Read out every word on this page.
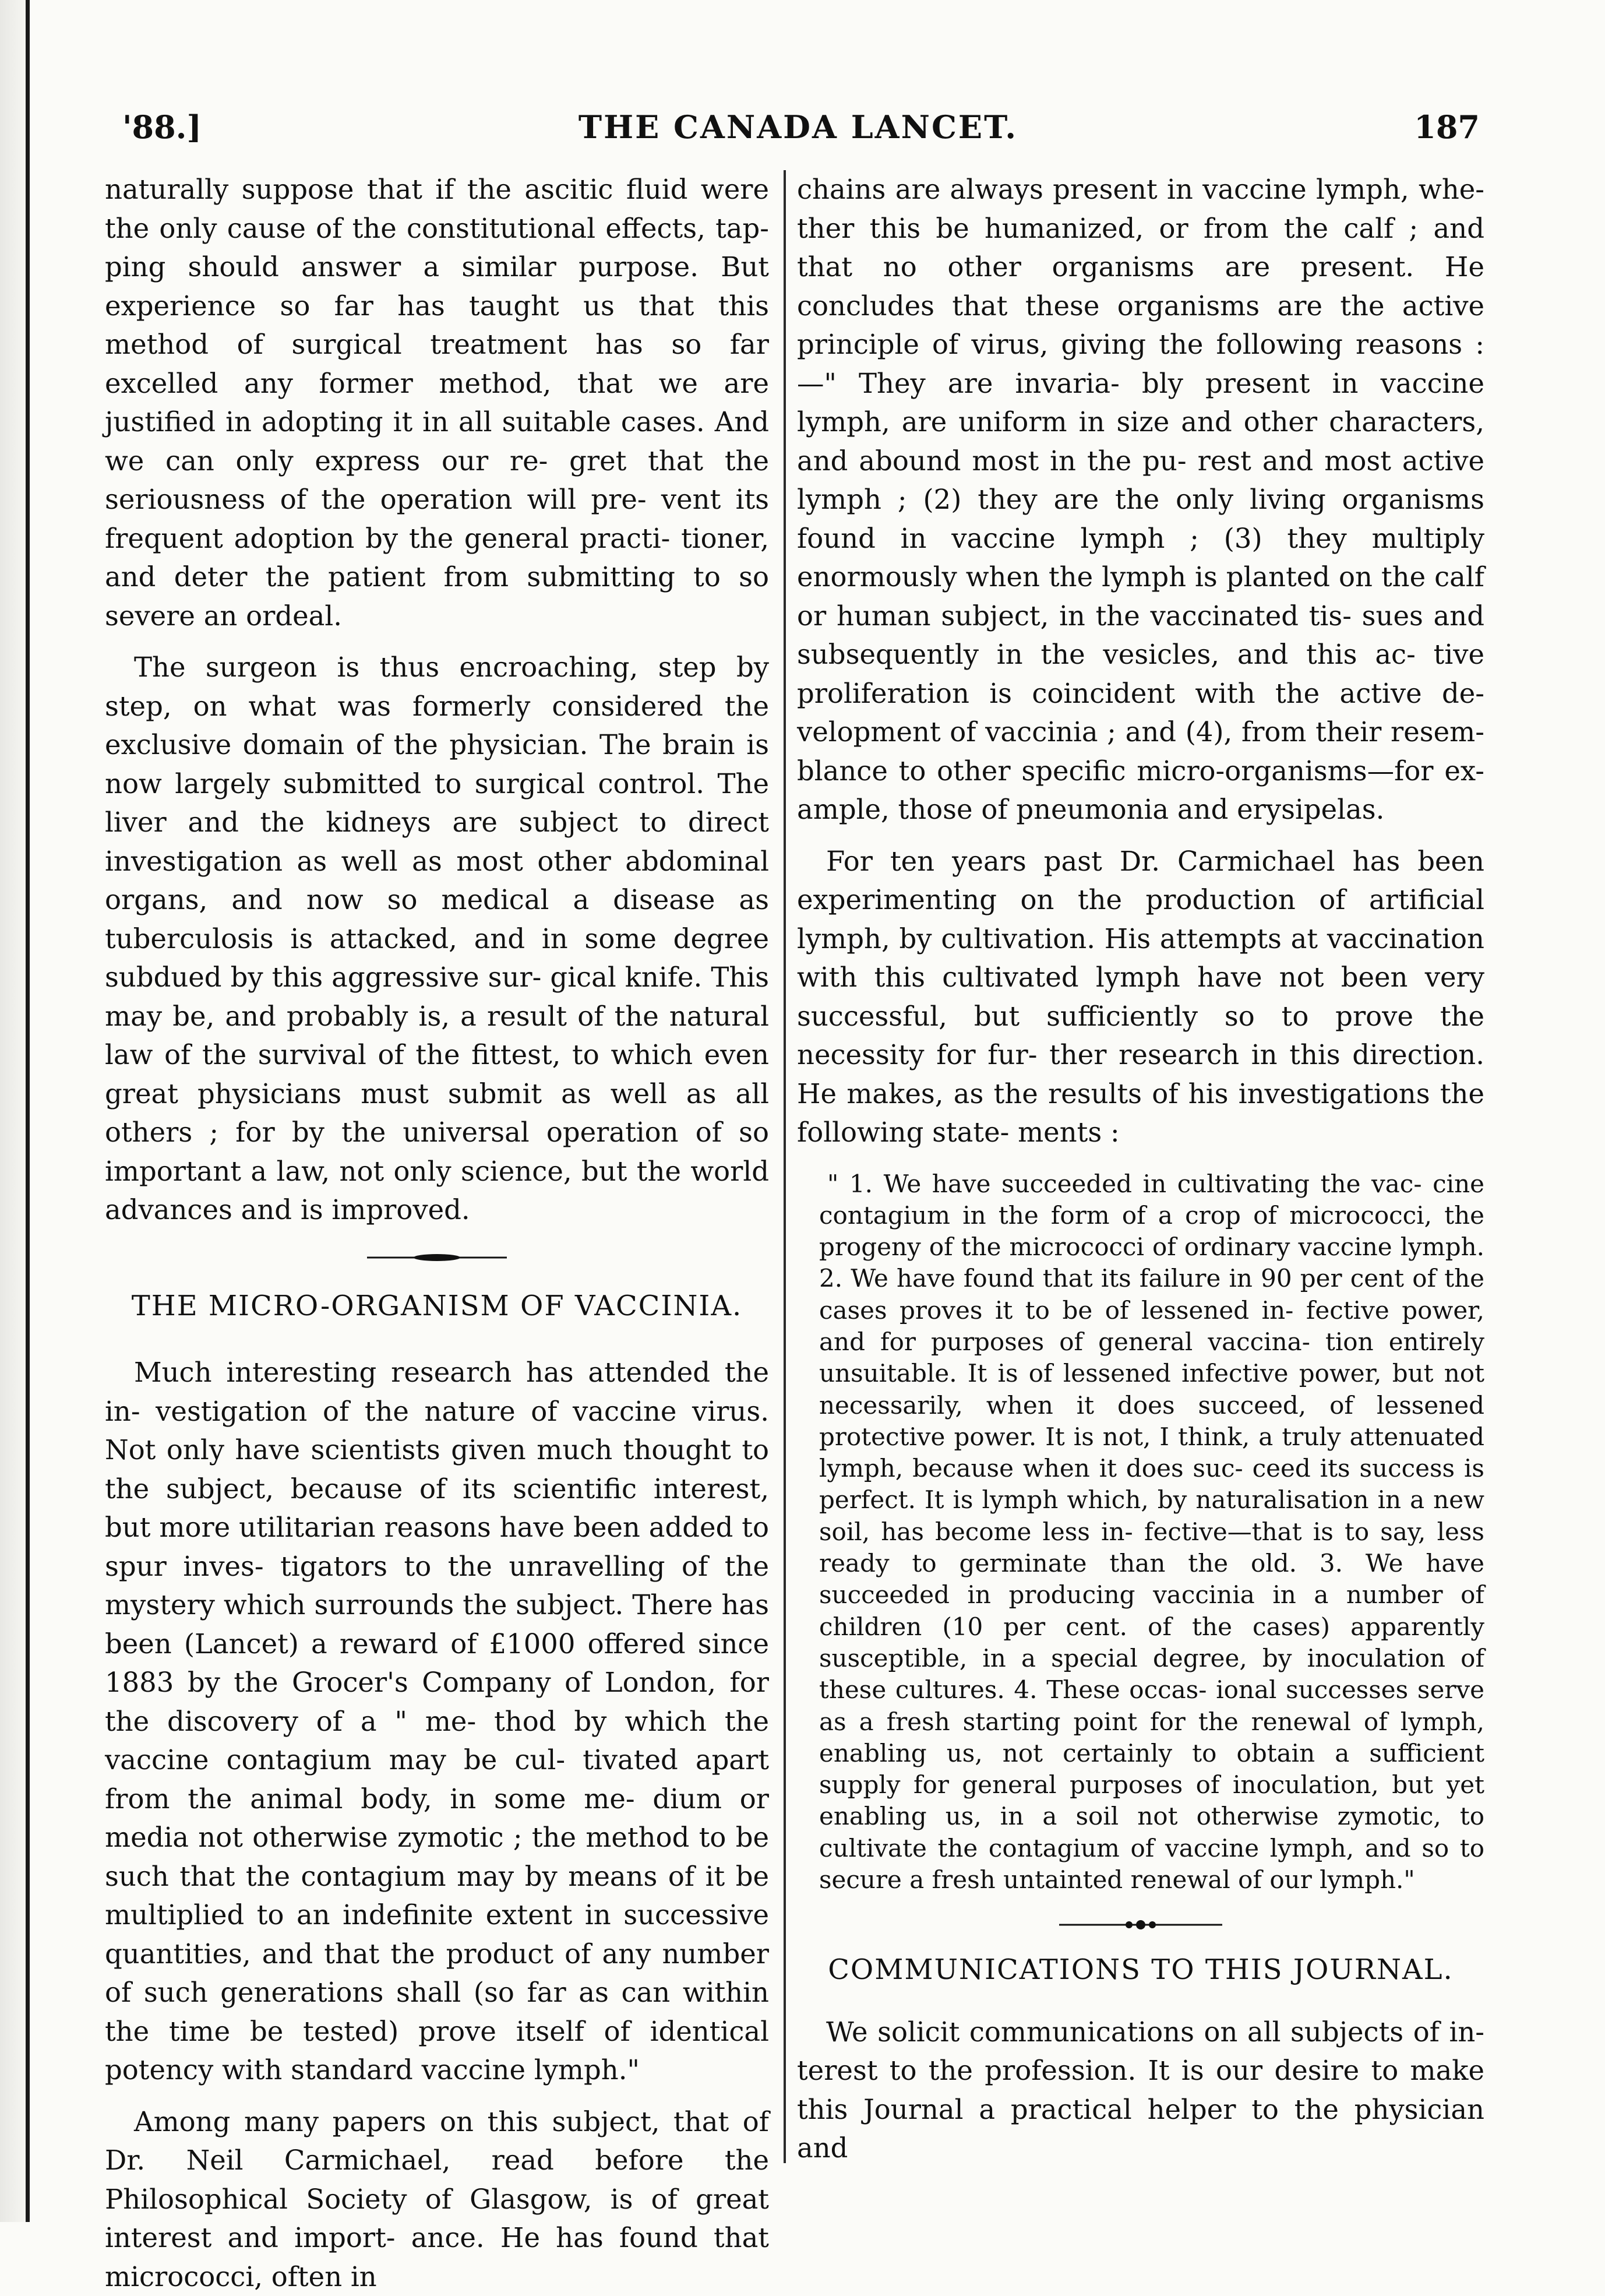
'88.]	THE CANADA LANCET.	187

naturally suppose that if the ascitic fluid were the only cause of the constitutional effects, tap- ping should answer a similar purpose. But experience so far has taught us that this method of surgical treatment has so far excelled any former method, that we are justified in adopting it in all suitable cases. And we can only express our re- gret that the seriousness of the operation will pre- vent its frequent adoption by the general practi- tioner, and deter the patient from submitting to so severe an ordeal.

The surgeon is thus encroaching, step by step, on what was formerly considered the exclusive domain of the physician. The brain is now largely submitted to surgical control. The liver and the kidneys are subject to direct investigation as well as most other abdominal organs, and now so medical a disease as tuberculosis is attacked, and in some degree subdued by this aggressive sur- gical knife. This may be, and probably is, a result of the natural law of the survival of the fittest, to which even great physicians must submit as well as all others ; for by the universal operation of so important a law, not only science, but the world advances and is improved.

THE MICRO-ORGANISM OF VACCINIA.

Much interesting research has attended the in- vestigation of the nature of vaccine virus. Not only have scientists given much thought to the subject, because of its scientific interest, but more utilitarian reasons have been added to spur inves- tigators to the unravelling of the mystery which surrounds the subject. There has been (Lancet) a reward of £1000 offered since 1883 by the Grocer's Company of London, for the discovery of a " me- thod by which the vaccine contagium may be cul- tivated apart from the animal body, in some me- dium or media not otherwise zymotic ; the method to be such that the contagium may by means of it be multiplied to an indefinite extent in successive quantities, and that the product of any number of such generations shall (so far as can within the time be tested) prove itself of identical potency with standard vaccine lymph."

Among many papers on this subject, that of Dr. Neil Carmichael, read before the Philosophical Society of Glasgow, is of great interest and import- ance. He has found that micrococci, often in

chains are always present in vaccine lymph, whe- ther this be humanized, or from the calf ; and that no other organisms are present. He concludes that these organisms are the active principle of virus, giving the following reasons :—" They are invaria- bly present in vaccine lymph, are uniform in size and other characters, and abound most in the pu- rest and most active lymph ; (2) they are the only living organisms found in vaccine lymph ; (3) they multiply enormously when the lymph is planted on the calf or human subject, in the vaccinated tis- sues and subsequently in the vesicles, and this ac- tive proliferation is coincident with the active de- velopment of vaccinia ; and (4), from their resem- blance to other specific micro-organisms—for ex- ample, those of pneumonia and erysipelas.

For ten years past Dr. Carmichael has been experimenting on the production of artificial lymph, by cultivation. His attempts at vaccination with this cultivated lymph have not been very successful, but sufficiently so to prove the necessity for fur- ther research in this direction. He makes, as the results of his investigations the following state- ments :

" 1. We have succeeded in cultivating the vac- cine contagium in the form of a crop of micrococci, the progeny of the micrococci of ordinary vaccine lymph. 2. We have found that its failure in 90 per cent of the cases proves it to be of lessened in- fective power, and for purposes of general vaccina- tion entirely unsuitable. It is of lessened infective power, but not necessarily, when it does succeed, of lessened protective power. It is not, I think, a truly attenuated lymph, because when it does suc- ceed its success is perfect. It is lymph which, by naturalisation in a new soil, has become less in- fective—that is to say, less ready to germinate than the old. 3. We have succeeded in producing vaccinia in a number of children (10 per cent. of the cases) apparently susceptible, in a special degree, by inoculation of these cultures. 4. These occas- ional successes serve as a fresh starting point for the renewal of lymph, enabling us, not certainly to obtain a sufficient supply for general purposes of inoculation, but yet enabling us, in a soil not otherwise zymotic, to cultivate the contagium of vaccine lymph, and so to secure a fresh untainted renewal of our lymph."

COMMUNICATIONS TO THIS JOURNAL.

We solicit communications on all subjects of in- terest to the profession. It is our desire to make this Journal a practical helper to the physician and
